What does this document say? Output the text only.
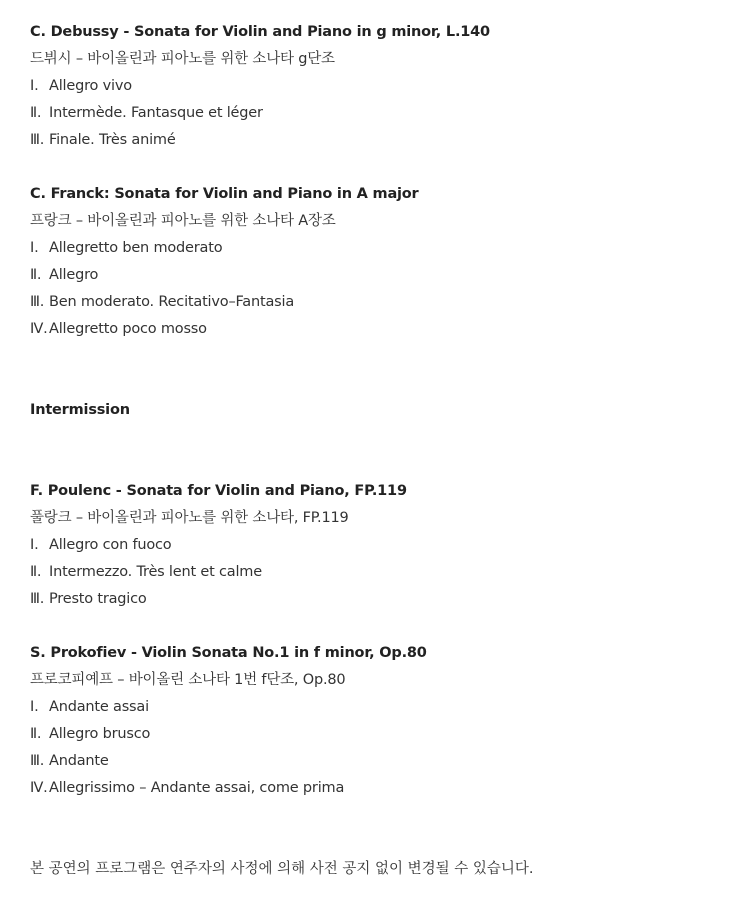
C. Debussy - Sonata for Violin and Piano in g minor, L.140
드뷔시 – 바이올린과 피아노를 위한 소나타 g단조
Ⅰ. Allegro vivo
Ⅱ. Intermède. Fantasque et léger
Ⅲ. Finale. Très animé
C. Franck: Sonata for Violin and Piano in A major
프랑크 – 바이올린과 피아노를 위한 소나타 A장조
Ⅰ. Allegretto ben moderato
Ⅱ. Allegro
Ⅲ. Ben moderato. Recitativo–Fantasia
Ⅳ. Allegretto poco mosso
Intermission
F. Poulenc - Sonata for Violin and Piano, FP.119
풀랑크 – 바이올린과 피아노를 위한 소나타, FP.119
Ⅰ. Allegro con fuoco
Ⅱ. Intermezzo. Très lent et calme
Ⅲ. Presto tragico
S. Prokofiev - Violin Sonata No.1 in f minor, Op.80
프로코피예프 – 바이올린 소나타 1번 f단조, Op.80
Ⅰ. Andante assai
Ⅱ. Allegro brusco
Ⅲ. Andante
Ⅳ. Allegrissimo – Andante assai, come prima
본 공연의 프로그램은 연주자의 사정에 의해 사전 공지 없이 변경될 수 있습니다.
